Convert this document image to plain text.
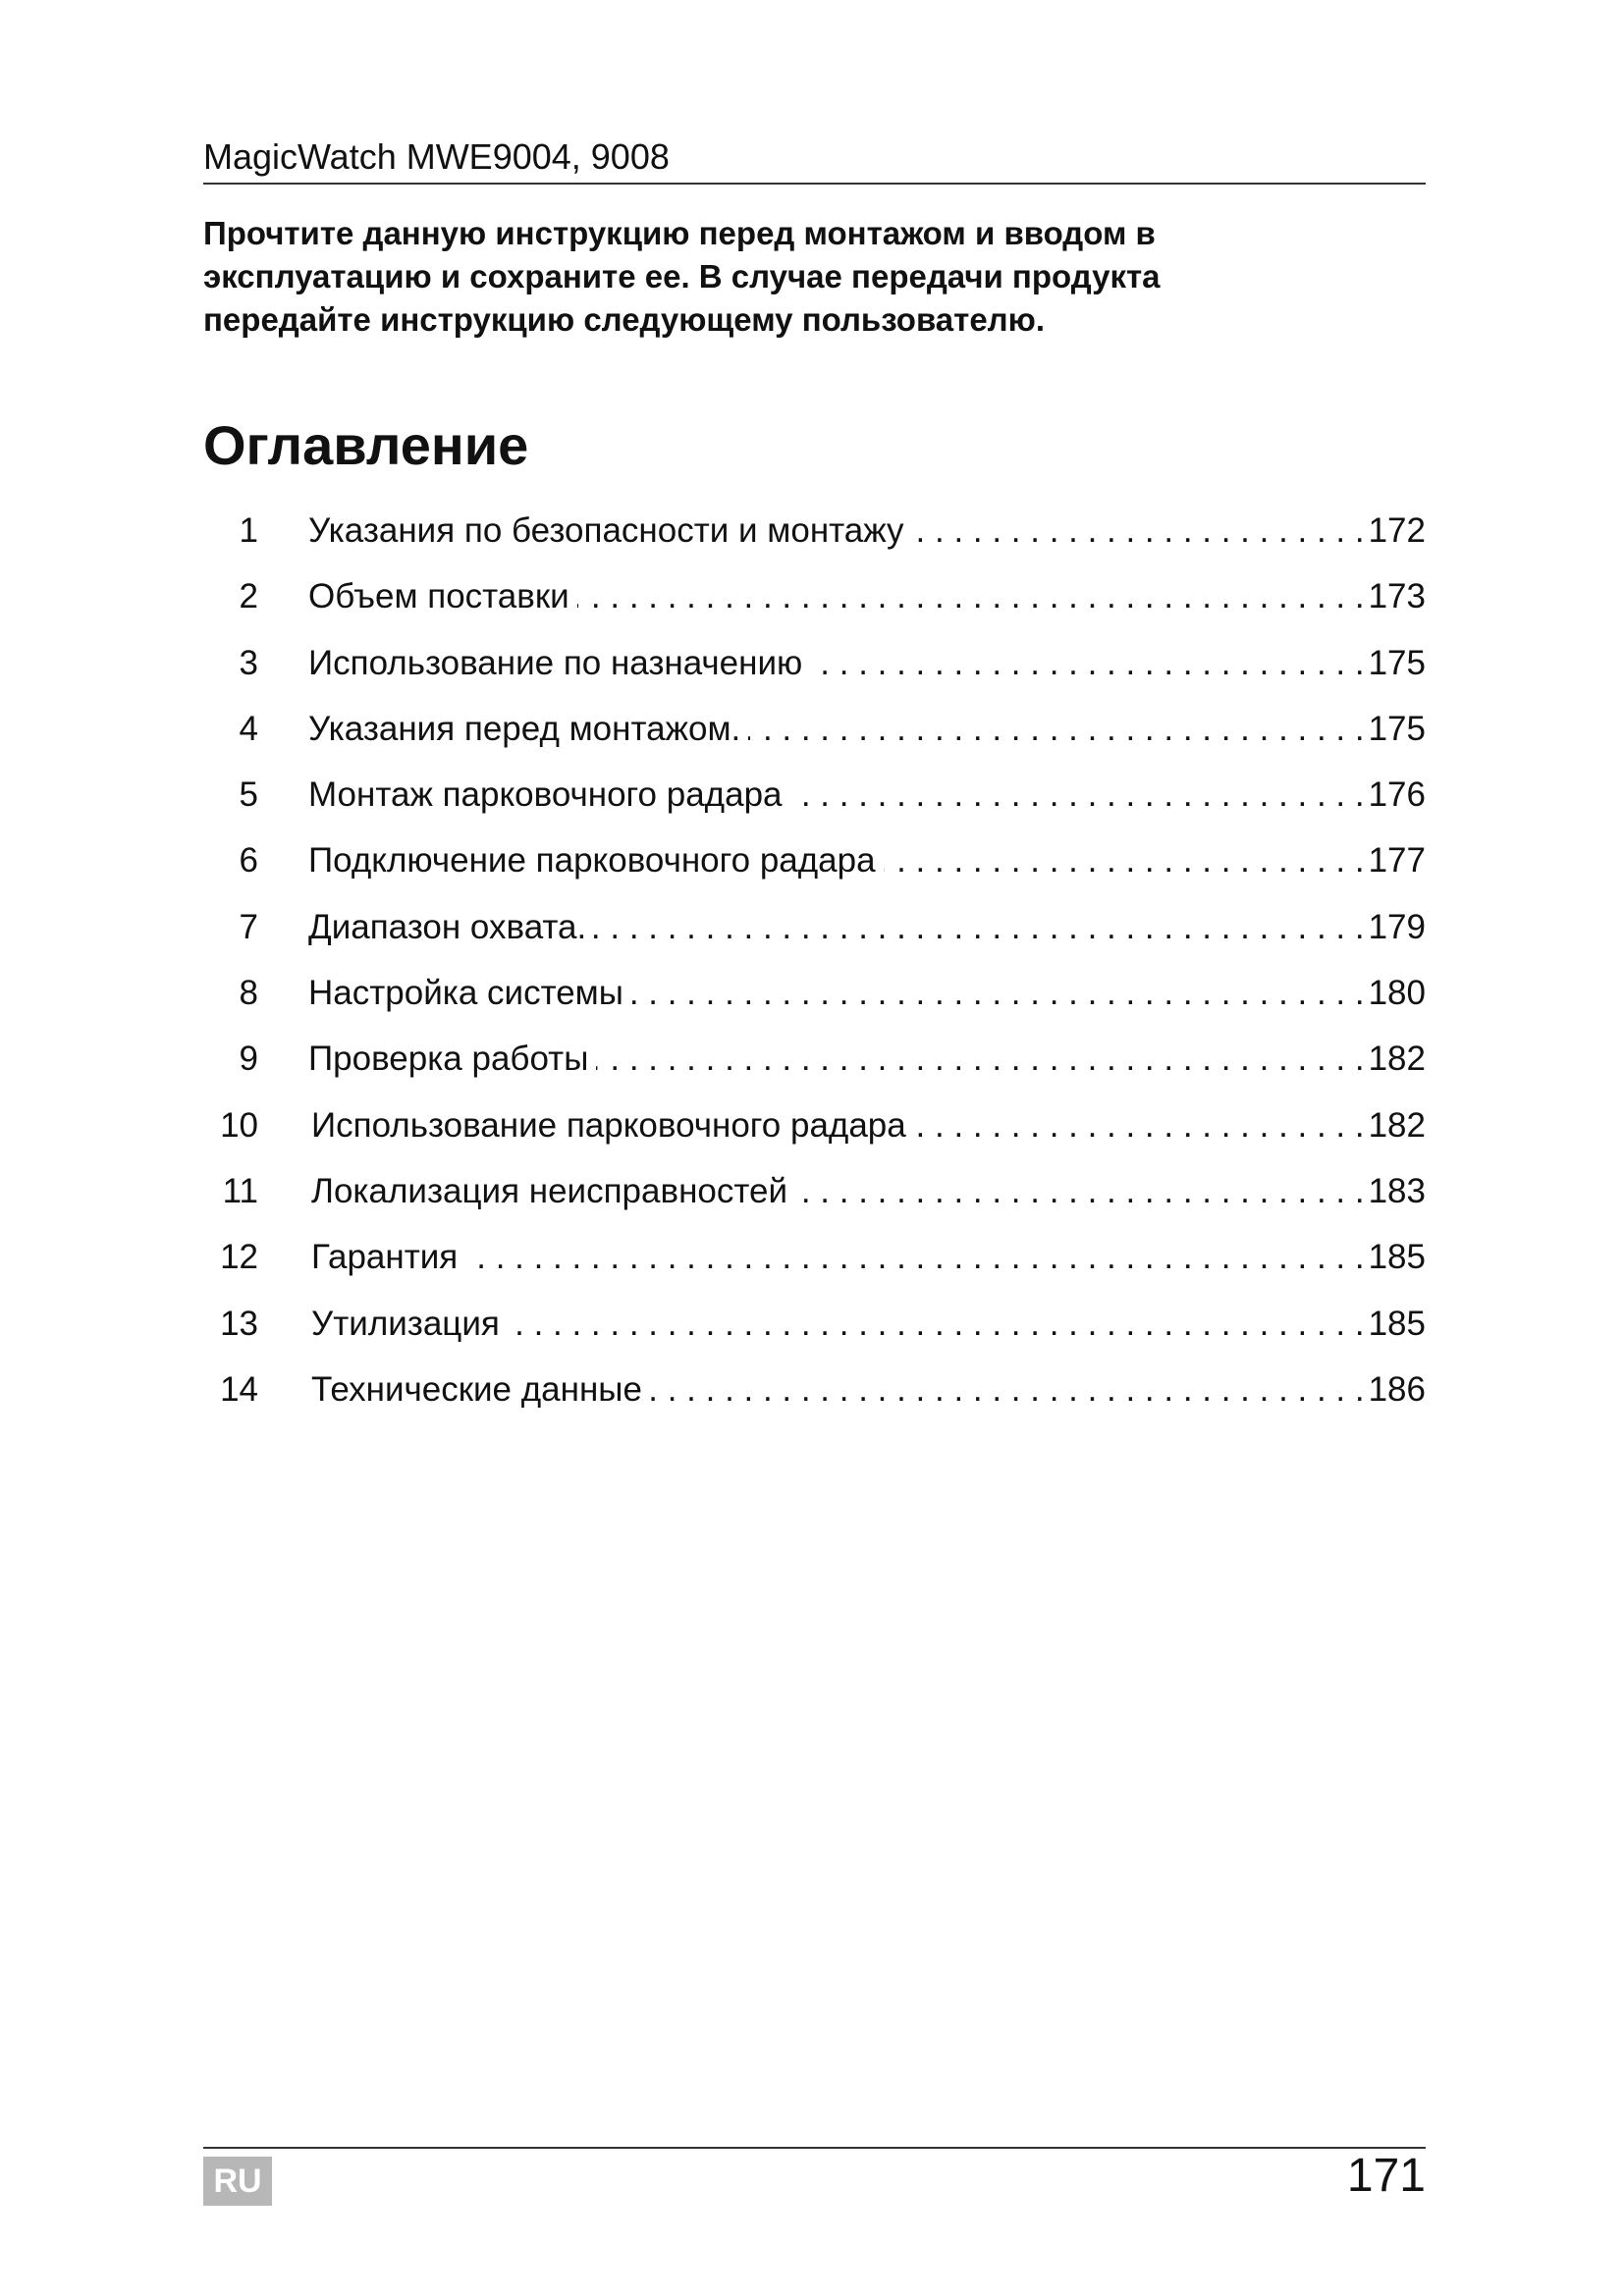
MagicWatch MWE9004, 9008
Прочтите данную инструкцию перед монтажом и вводом в
эксплуатацию и сохраните ее. В случае передачи продукта
передайте инструкцию следующему пользователю.
Оглавление
1 Указания по безопасности и монтажу . . .	172
2 Объем поставки . . .	173
3 Использование по назначению . . .	175
4 Указания перед монтажом. . . .	175
5 Монтаж парковочного радара . . .	176
6 Подключение парковочного радара . . .	177
7 Диапазон охвата. . . .	179
8 Настройка системы . . .	180
9 Проверка работы . . .	182
10 Использование парковочного радара . . .	182
11 Локализация неисправностей . . .	183
12 Гарантия . . .	185
13 Утилизация . . .	185
14 Технические данные . . .	186
RU	171
